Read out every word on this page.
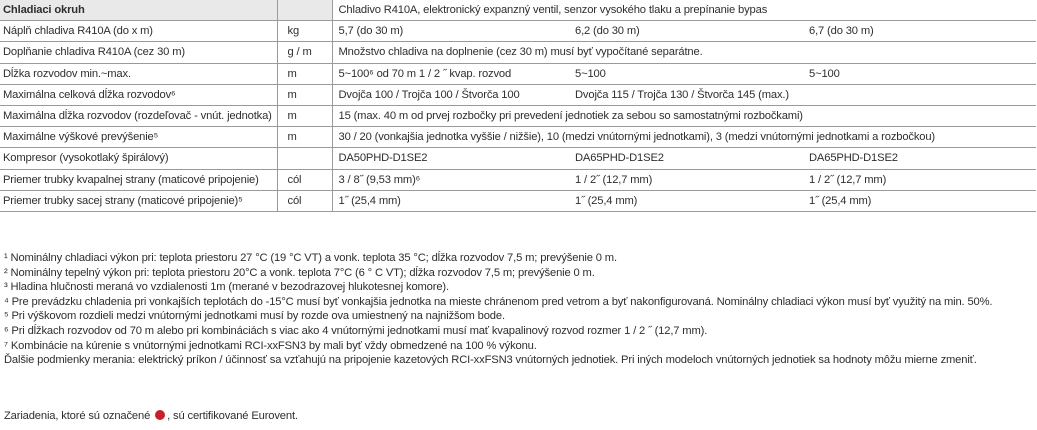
Chladiaci okruh		Chladivo R410A, elektronický expanzný ventil, senzor vysokého tlaku a prepínanie bypas		
Náplň chladiva R410A (do x m)	kg	5,7 (do 30 m)	6,2 (do 30 m)	6,7 (do 30 m)
Doplňanie chladiva R410A (cez 30 m)	g / m	Množstvo chladiva na doplnenie (cez 30 m) musí byť vypočítané separátne.		
Dĺžka rozvodov min.~max.	m	5~100⁶ od 70 m 1 / 2 ˝ kvap. rozvod	5~100	5~100
Maximálna celková dĺžka rozvodov⁶	m	Dvojča 100 / Trojča 100 / Štvorča 100	Dvojča 115 / Trojča 130 / Štvorča 145 (max.)	
Maximálna dĺžka rozvodov (rozdeľovač - vnút. jednotka)	m	15 (max. 40 m od prvej rozbočky pri prevedení jednotiek za sebou so samostatnými rozbočkami)		
Maximálne výškové prevýšenie⁵	m	30 / 20 (vonkajšia jednotka vyššie / nižšie), 10 (medzi vnútornými jednotkami), 3 (medzi vnútornými jednotkami a rozbočkou)		
Kompresor (vysokotlaký špirálový)		DA50PHD-D1SE2	DA65PHD-D1SE2	DA65PHD-D1SE2
Priemer trubky kvapalnej strany (maticové pripojenie)	cól	3 / 8˝ (9,53 mm)⁶	1 / 2˝ (12,7 mm)	1 / 2˝ (12,7 mm)
Priemer trubky sacej strany (maticové pripojenie)⁵	cól	1˝ (25,4 mm)	1˝ (25,4 mm)	1˝ (25,4 mm)
¹ Nominálny chladiaci výkon pri: teplota priestoru 27 °C (19 °C VT) a vonk. teplota 35 °C; dĺžka rozvodov 7,5 m; prevýšenie 0 m.
² Nominálny tepelný výkon pri: teplota priestoru 20°C a vonk. teplota 7°C (6 ° C VT); dĺžka rozvodov 7,5 m; prevýšenie 0 m.
³ Hladina hlučnosti meraná vo vzdialenosti 1m (merané v bezodrazovej hlukotesnej komore).
⁴ Pre prevádzku chladenia pri vonkajších teplotách do -15°C musí byť vonkajšia jednotka na mieste chránenom pred vetrom a byť nakonfigurovaná. Nominálny chladiaci výkon musí byť využitý na min. 50%.
⁵ Pri výškovom rozdieli medzi vnútornými jednotkami musí by rozde ova umiestnený na najnižšom bode.
⁶ Pri dĺžkach rozvodov od 70 m alebo pri kombináciách s viac ako 4 vnútornými jednotkami musí mať kvapalinový rozvod rozmer 1 / 2 ˝ (12,7 mm).
⁷ Kombinácie na kúrenie s vnútornými jednotkami RCI-xxFSN3 by mali byť vždy obmedzené na 100 % výkonu.
Ďalšie podmienky merania: elektrický príkon / účinnosť sa vzťahujú na pripojenie kazetových RCI-xxFSN3 vnútorných jednotiek. Pri iných modeloch vnútorných jednotiek sa hodnoty môžu mierne zmeniť.
Zariadenia, ktoré sú označené , sú certifikované Eurovent.
